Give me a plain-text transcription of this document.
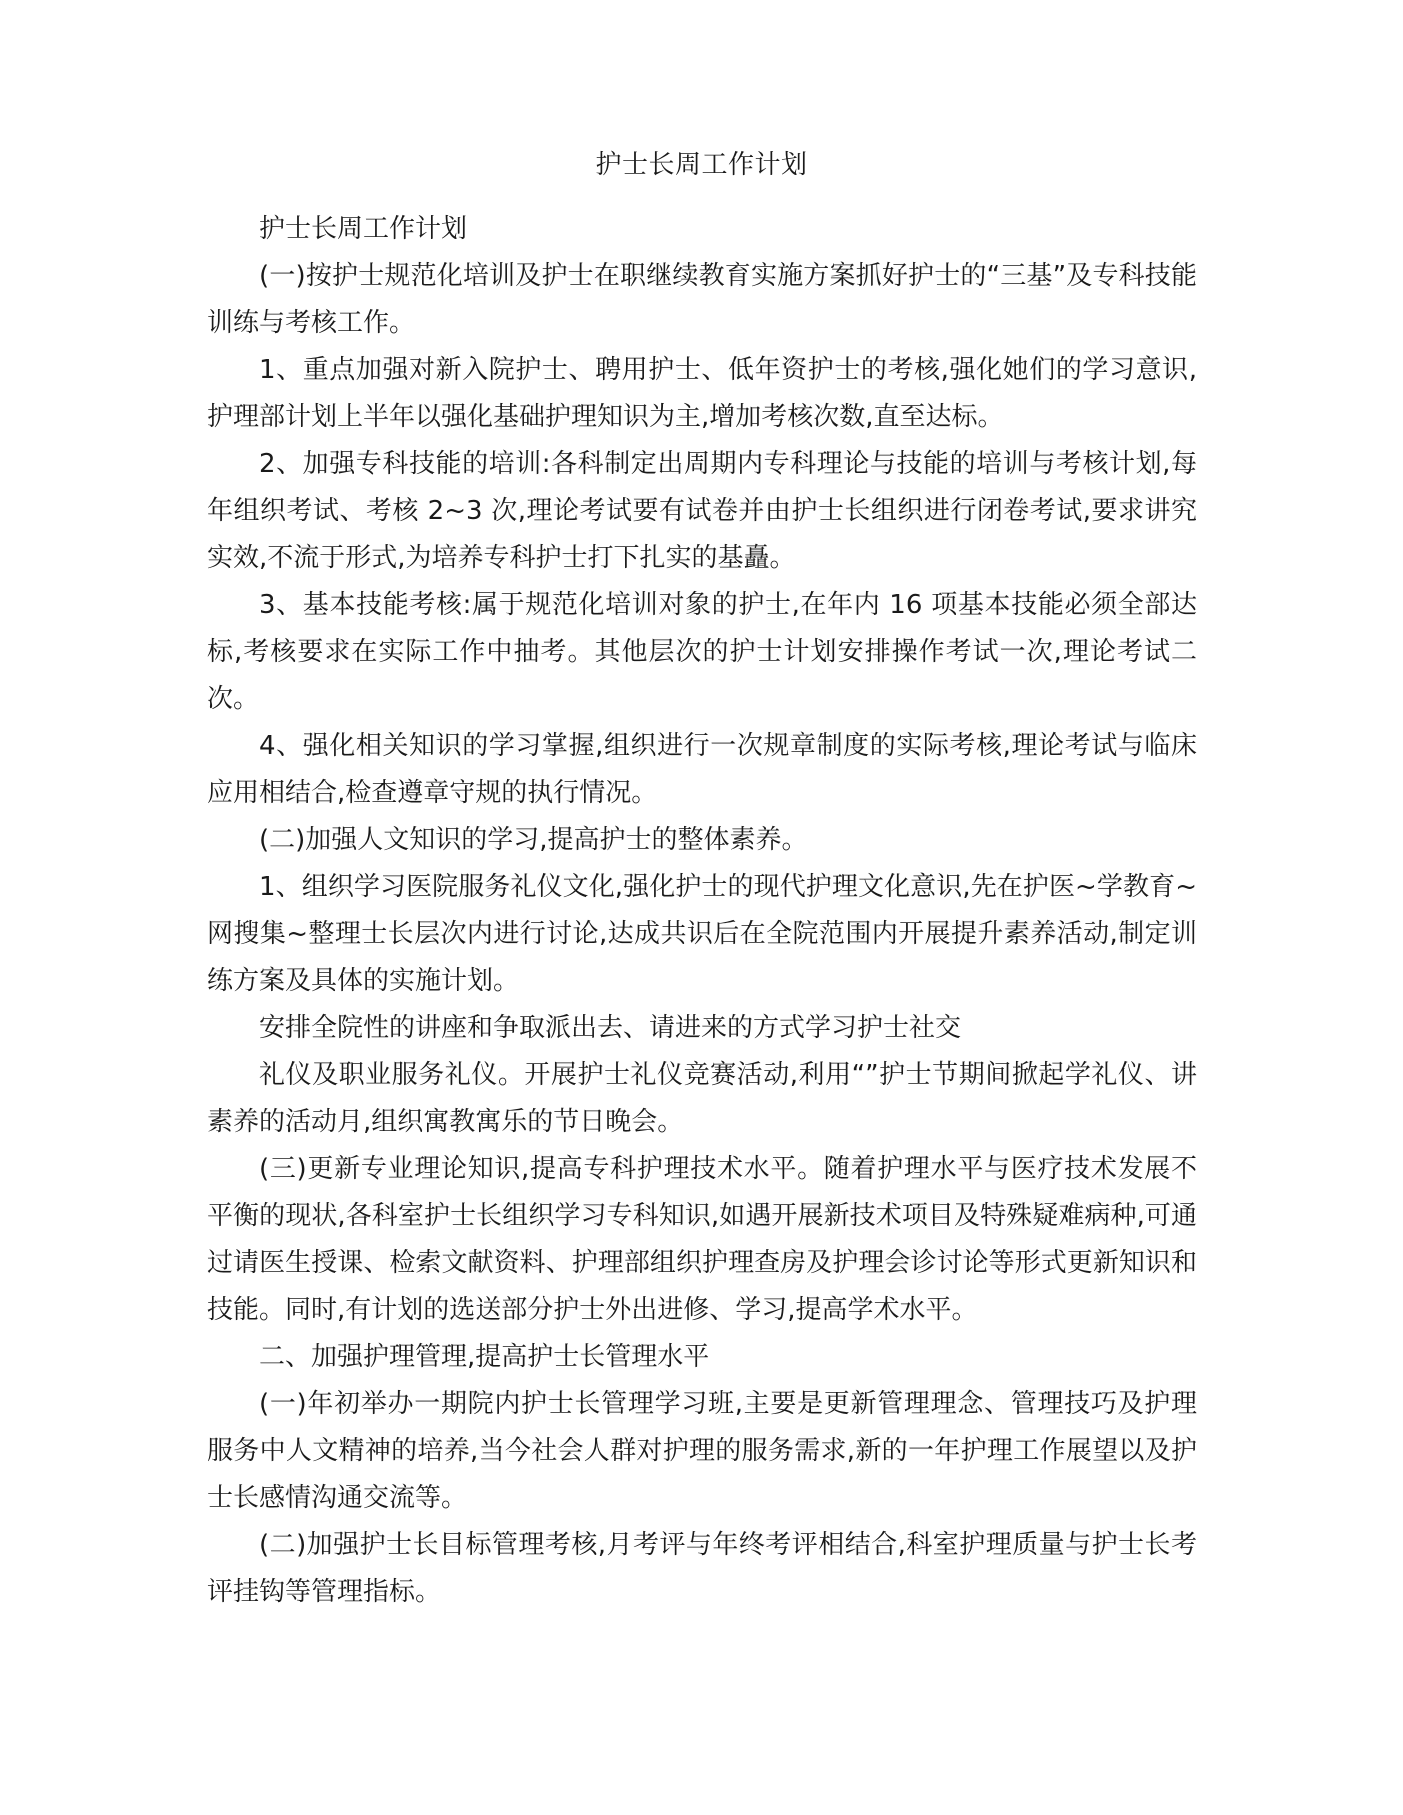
护士长周工作计划

护士长周工作计划

(一)按护士规范化培训及护士在职继续教育实施方案抓好护士的“三基”及专科技能训练与考核工作。

1、重点加强对新入院护士、聘用护士、低年资护士的考核,强化她们的学习意识,护理部计划上半年以强化基础护理知识为主,增加考核次数,直至达标。

2、加强专科技能的培训:各科制定出周期内专科理论与技能的培训与考核计划,每年组织考试、考核 2~3 次,理论考试要有试卷并由护士长组织进行闭卷考试,要求讲究实效,不流于形式,为培养专科护士打下扎实的基矗。

3、基本技能考核:属于规范化培训对象的护士,在年内 16 项基本技能必须全部达标,考核要求在实际工作中抽考。其他层次的护士计划安排操作考试一次,理论考试二次。

4、强化相关知识的学习掌握,组织进行一次规章制度的实际考核,理论考试与临床应用相结合,检查遵章守规的执行情况。

(二)加强人文知识的学习,提高护士的整体素养。

1、组织学习医院服务礼仪文化,强化护士的现代护理文化意识,先在护医~学教育~网搜集~整理士长层次内进行讨论,达成共识后在全院范围内开展提升素养活动,制定训练方案及具体的实施计划。

安排全院性的讲座和争取派出去、请进来的方式学习护士社交

礼仪及职业服务礼仪。开展护士礼仪竞赛活动,利用“”护士节期间掀起学礼仪、讲素养的活动月,组织寓教寓乐的节日晚会。

(三)更新专业理论知识,提高专科护理技术水平。随着护理水平与医疗技术发展不平衡的现状,各科室护士长组织学习专科知识,如遇开展新技术项目及特殊疑难病种,可通过请医生授课、检索文献资料、护理部组织护理查房及护理会诊讨论等形式更新知识和技能。同时,有计划的选送部分护士外出进修、学习,提高学术水平。

二、加强护理管理,提高护士长管理水平

(一)年初举办一期院内护士长管理学习班,主要是更新管理理念、管理技巧及护理服务中人文精神的培养,当今社会人群对护理的服务需求,新的一年护理工作展望以及护士长感情沟通交流等。

(二)加强护士长目标管理考核,月考评与年终考评相结合,科室护理质量与护士长考评挂钩等管理指标。
